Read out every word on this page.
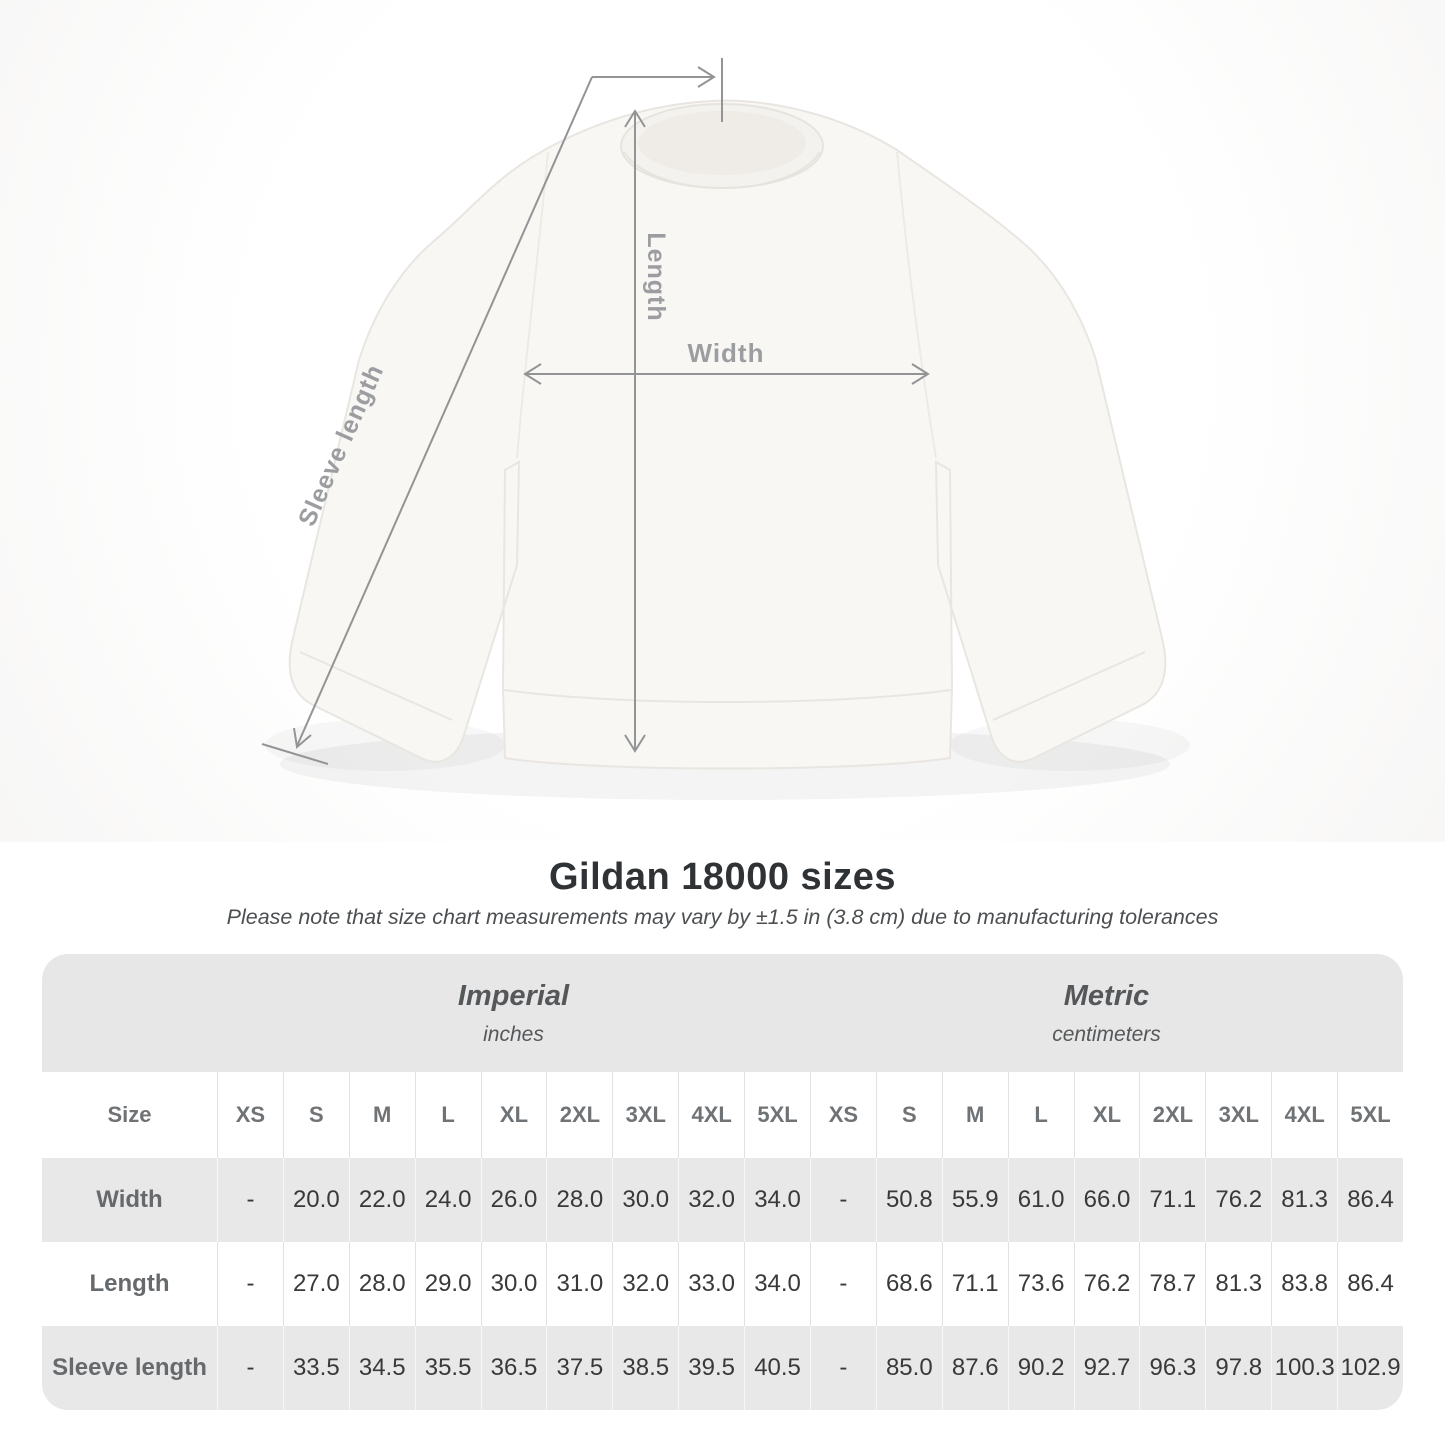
Length
Width
Sleeve length
Gildan 18000 sizes
Please note that size chart measurements may vary by ±1.5 in (3.8 cm) due to manufacturing tolerances
Imperial
inches
Metric
centimeters
Size	XS	S	M	L	XL	2XL	3XL	4XL	5XL	XS	S	M	L	XL	2XL	3XL	4XL	5XL
Width	-	20.0 22.0 24.0 26.0 28.0 30.0 32.0 34.0	-	50.8 55.9 61.0 66.0 71.1 76.2 81.3 86.4
Length	-	27.0 28.0 29.0 30.0 31.0 32.0 33.0 34.0	-	68.6 71.1 73.6 76.2 78.7 81.3 83.8 86.4
Sleeve length	-	33.5 34.5 35.5 36.5 37.5 38.5 39.5 40.5	-	85.0 87.6 90.2 92.7 96.3 97.8 100.3 102.9
